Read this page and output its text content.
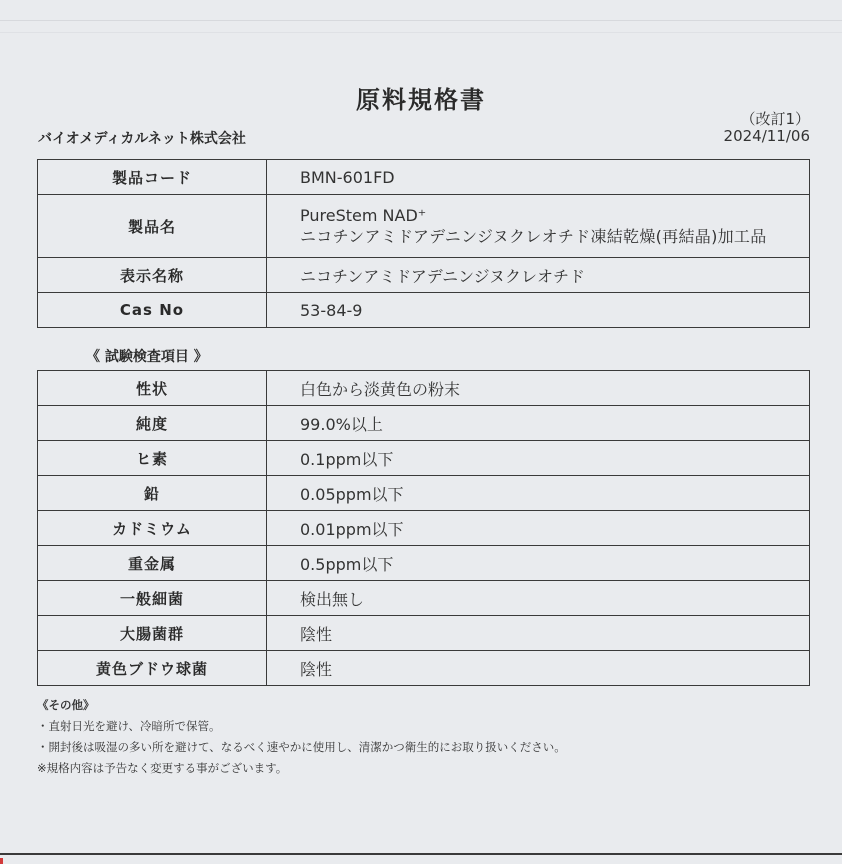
原料規格書
（改訂1）
バイオメディカルネット株式会社	2024/11/06
製品コード	BMN-601FD
製品名	PureStem NAD⁺
ニコチンアミドアデニンジヌクレオチド凍結乾燥(再結晶)加工品

表示名称	ニコチンアミドアデニンジヌクレオチド
Cas No	53-84-9
《 試験検査項目 》
性状	白色から淡黄色の粉末
純度	99.0%以上
ヒ素	0.1ppm以下
鉛	0.05ppm以下
カドミウム	0.01ppm以下
重金属	0.5ppm以下
一般細菌	検出無し
大腸菌群	陰性
黄色ブドウ球菌	陰性
《その他》
・直射日光を避け、冷暗所で保管。
・開封後は吸湿の多い所を避けて、なるべく速やかに使用し、清潔かつ衛生的にお取り扱いください。
※規格内容は予告なく変更する事がございます。
